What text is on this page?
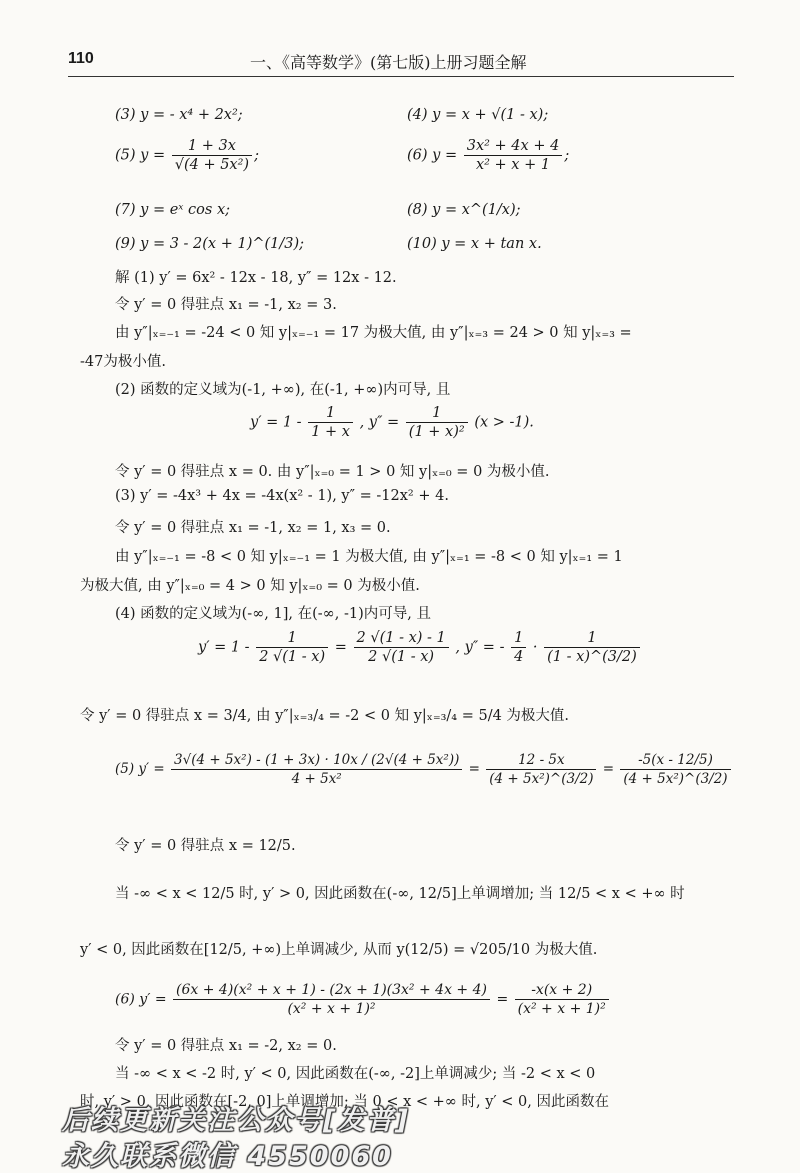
110	一、《高等数学》(第七版)上册习题全解
(3) y = - x⁴ + 2x²;	(4) y = x + √(1 - x);
(5) $y = \frac{1 + 3x}{\text{√(4 + 5x²)}}$ ;	(6) $y = \frac{\text{3x² + 4x + 4}}{\text{x² + x + 1}}$ ;
(7) y = eˣ cos x;	(8) y = x^(1/x);
(9) y = 3 - 2(x + 1)^(1/3);	(10) y = x + tan x.
解 (1) y′ = 6x² - 12x - 18, y″ = 12x - 12.
令 y′ = 0 得驻点 x₁ = -1, x₂ = 3.
由 y″|ₓ₌₋₁ = -24 < 0 知 y|ₓ₌₋₁ = 17 为极大值, 由 y″|ₓ₌₃ = 24 > 0 知 y|ₓ₌₃ =
-47为极小值.
(2) 函数的定义域为(-1, +∞), 在(-1, +∞)内可导, 且
$y' = 1 - \frac{1}{1 + x}$ , $y'' = \frac{1}{\text{(1 + x)²}} (x > -1)$.
令 y′ = 0 得驻点 x = 0. 由 y″|ₓ₌₀ = 1 > 0 知 y|ₓ₌₀ = 0 为极小值.
(3) y′ = -4x³ + 4x = -4x(x² - 1), y″ = -12x² + 4.
令 y′ = 0 得驻点 x₁ = -1, x₂ = 1, x₃ = 0.
由 y″|ₓ₌₋₁ = -8 < 0 知 y|ₓ₌₋₁ = 1 为极大值, 由 y″|ₓ₌₁ = -8 < 0 知 y|ₓ₌₁ = 1
为极大值, 由 y″|ₓ₌₀ = 4 > 0 知 y|ₓ₌₀ = 0 为极小值.
(4) 函数的定义域为(-∞, 1], 在(-∞, -1)内可导, 且
$y' = 1 - \frac{1}{2 √(1 - x)} = \frac{2 √(1 - x) - 1}{2 √(1 - x)}$ , y″ = - $\frac{1}{4} \cdot \frac{1}{(1 - x)\^{}(3/2)}$
令 y′ = 0 得驻点 x = 3/4, 由 y″|ₓ₌₃/₄ = -2 < 0 知 y|ₓ₌₃/₄ = 5/4 为极大值.
(5) $y' = \frac{\text{3√(4 + 5x²) - (1 + 3x) · 10x / (2√(4 + 5x²))}}{\text{4 + 5x²}} = \frac{12 - 5x}{\text{(4 + 5x²)\textasciicircum{}(3/2)}} = \frac{-5(x - 12/5)}{\text{(4 + 5x²)\textasciicircum{}(3/2)}}$
令 y′ = 0 得驻点 x = 12/5.
当 -∞ < x < 12/5 时, y′ > 0, 因此函数在(-∞, 12/5]上单调增加; 当 12/5 < x < +∞ 时
y′ < 0, 因此函数在[12/5, +∞)上单调减少, 从而 y(12/5) = √205/10 为极大值.
(6) $y' = \frac{\text{(6x + 4)(x² + x + 1) - (2x + 1)(3x² + 4x + 4)}}{\text{(x² + x + 1)²}} = \frac{-x(x + 2)}{\text{(x² + x + 1)²}}$
令 y′ = 0 得驻点 x₁ = -2, x₂ = 0.
当 -∞ < x < -2 时, y′ < 0, 因此函数在(-∞, -2]上单调减少; 当 -2 < x < 0
时, y′ > 0, 因此函数在[-2, 0]上单调增加; 当 0 < x < +∞ 时, y′ < 0, 因此函数在
后续更新关注公众号[发普]
永久联系微信 4550060
